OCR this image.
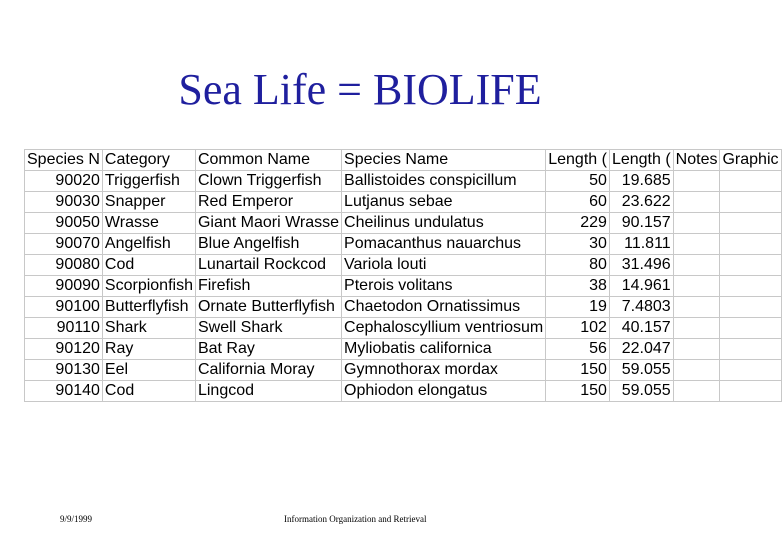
Sea Life = BIOLIFE
Species N	Category	Common Name	Species Name	Length (	Length (	Notes	Graphic
90020	Triggerfish	Clown Triggerfish	Ballistoides conspicillum	50	19.685		
90030	Snapper	Red Emperor	Lutjanus sebae	60	23.622		
90050	Wrasse	Giant Maori Wrasse	Cheilinus undulatus	229	90.157		
90070	Angelfish	Blue Angelfish	Pomacanthus nauarchus	30	11.811		
90080	Cod	Lunartail Rockcod	Variola louti	80	31.496		
90090	Scorpionfish	Firefish	Pterois volitans	38	14.961		
90100	Butterflyfish	Ornate Butterflyfish	Chaetodon Ornatissimus	19	7.4803		
90110	Shark	Swell Shark	Cephaloscyllium ventriosum	102	40.157		
90120	Ray	Bat Ray	Myliobatis californica	56	22.047		
90130	Eel	California Moray	Gymnothorax mordax	150	59.055		
90140	Cod	Lingcod	Ophiodon elongatus	150	59.055		
9/9/1999	Information Organization and Retrieval
